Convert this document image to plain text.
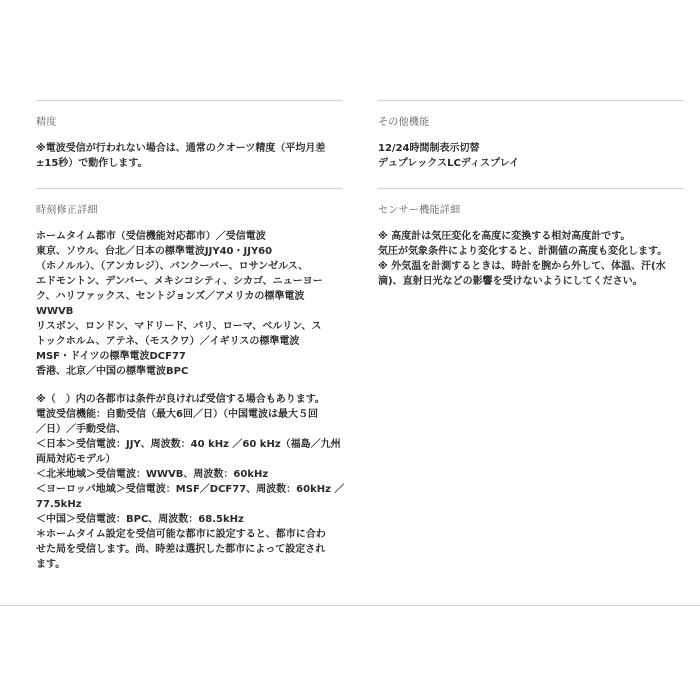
精度
※電波受信が行われない場合は、通常のクオーツ精度（平均月差
±15秒）で動作します。
時刻修正詳細
ホームタイム都市（受信機能対応都市）／受信電波
東京、ソウル、台北／日本の標準電波JJY40・JJY60
（ホノルル）、（アンカレジ）、バンクーバー、ロサンゼルス、
エドモントン、デンバー、メキシコシティ、シカゴ、ニューヨー
ク、ハリファックス、セントジョンズ／アメリカの標準電波
WWVB
リスボン、ロンドン、マドリード、パリ、ローマ、ベルリン、ス
トックホルム、アテネ、（モスクワ）／イギリスの標準電波
MSF・ドイツの標準電波DCF77
香港、北京／中国の標準電波BPC
※（　）内の各都市は条件が良ければ受信する場合もあります。
電波受信機能：自動受信（最大6回／日）（中国電波は最大５回
／日）／手動受信、
＜日本＞受信電波：JJY、周波数：40 kHz ／60 kHz（福島／九州
両局対応モデル）
＜北米地域＞受信電波：WWVB、周波数：60kHz
＜ヨーロッパ地域＞受信電波：MSF／DCF77、周波数：60kHz ／
77.5kHz
＜中国＞受信電波：BPC、周波数：68.5kHz
＊ホームタイム設定を受信可能な都市に設定すると、都市に合わ
せた局を受信します。尚、時差は選択した都市によって設定され
ます。
その他機能
12/24時間制表示切替
デュプレックスLCディスプレイ
センサー機能詳細
※ 高度計は気圧変化を高度に変換する相対高度計です。
気圧が気象条件により変化すると、計測値の高度も変化します。
※ 外気温を計測するときは、時計を腕から外して、体温、汗(水
滴)、直射日光などの影響を受けないようにしてください。
